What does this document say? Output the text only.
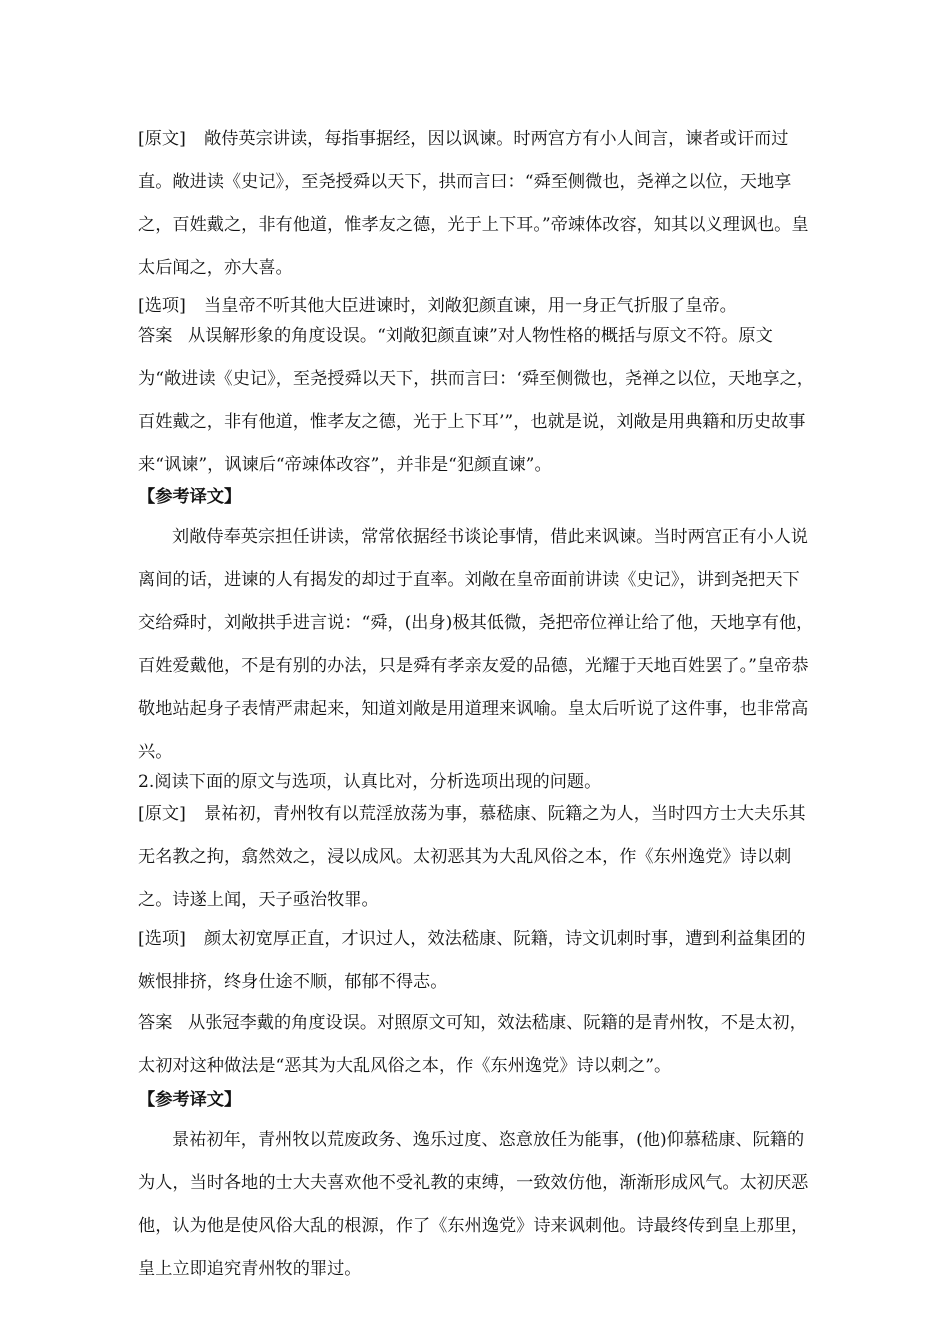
[原文] 敞侍英宗讲读，每指事据经，因以讽谏。时两宫方有小人间言，谏者或讦而过直。敞进读《史记》，至尧授舜以天下，拱而言曰：“舜至侧微也，尧禅之以位，天地享之，百姓戴之，非有他道，惟孝友之德，光于上下耳。”帝竦体改容，知其以义理讽也。皇太后闻之，亦大喜。

[选项] 当皇帝不听其他大臣进谏时，刘敞犯颜直谏，用一身正气折服了皇帝。

答案 从误解形象的角度设误。“刘敞犯颜直谏”对人物性格的概括与原文不符。原文为“敞进读《史记》，至尧授舜以天下，拱而言曰：‘舜至侧微也，尧禅之以位，天地享之，百姓戴之，非有他道，惟孝友之德，光于上下耳’”，也就是说，刘敞是用典籍和历史故事来“讽谏”，讽谏后“帝竦体改容”，并非是“犯颜直谏”。

【参考译文】

刘敞侍奉英宗担任讲读，常常依据经书谈论事情，借此来讽谏。当时两宫正有小人说离间的话，进谏的人有揭发的却过于直率。刘敞在皇帝面前讲读《史记》，讲到尧把天下交给舜时，刘敞拱手进言说：“舜，(出身)极其低微，尧把帝位禅让给了他，天地享有他，百姓爱戴他，不是有别的办法，只是舜有孝亲友爱的品德，光耀于天地百姓罢了。”皇帝恭敬地站起身子表情严肃起来，知道刘敞是用道理来讽喻。皇太后听说了这件事，也非常高兴。

2.阅读下面的原文与选项，认真比对，分析选项出现的问题。

[原文] 景祐初，青州牧有以荒淫放荡为事，慕嵇康、阮籍之为人，当时四方士大夫乐其无名教之拘，翕然效之，浸以成风。太初恶其为大乱风俗之本，作《东州逸党》诗以刺之。诗遂上闻，天子亟治牧罪。

[选项] 颜太初宽厚正直，才识过人，效法嵇康、阮籍，诗文讥刺时事，遭到利益集团的嫉恨排挤，终身仕途不顺，郁郁不得志。

答案 从张冠李戴的角度设误。对照原文可知，效法嵇康、阮籍的是青州牧，不是太初，太初对这种做法是“恶其为大乱风俗之本，作《东州逸党》诗以刺之”。

【参考译文】

景祐初年，青州牧以荒废政务、逸乐过度、恣意放任为能事，(他)仰慕嵇康、阮籍的为人，当时各地的士大夫喜欢他不受礼教的束缚，一致效仿他，渐渐形成风气。太初厌恶他，认为他是使风俗大乱的根源，作了《东州逸党》诗来讽刺他。诗最终传到皇上那里，皇上立即追究青州牧的罪过。
